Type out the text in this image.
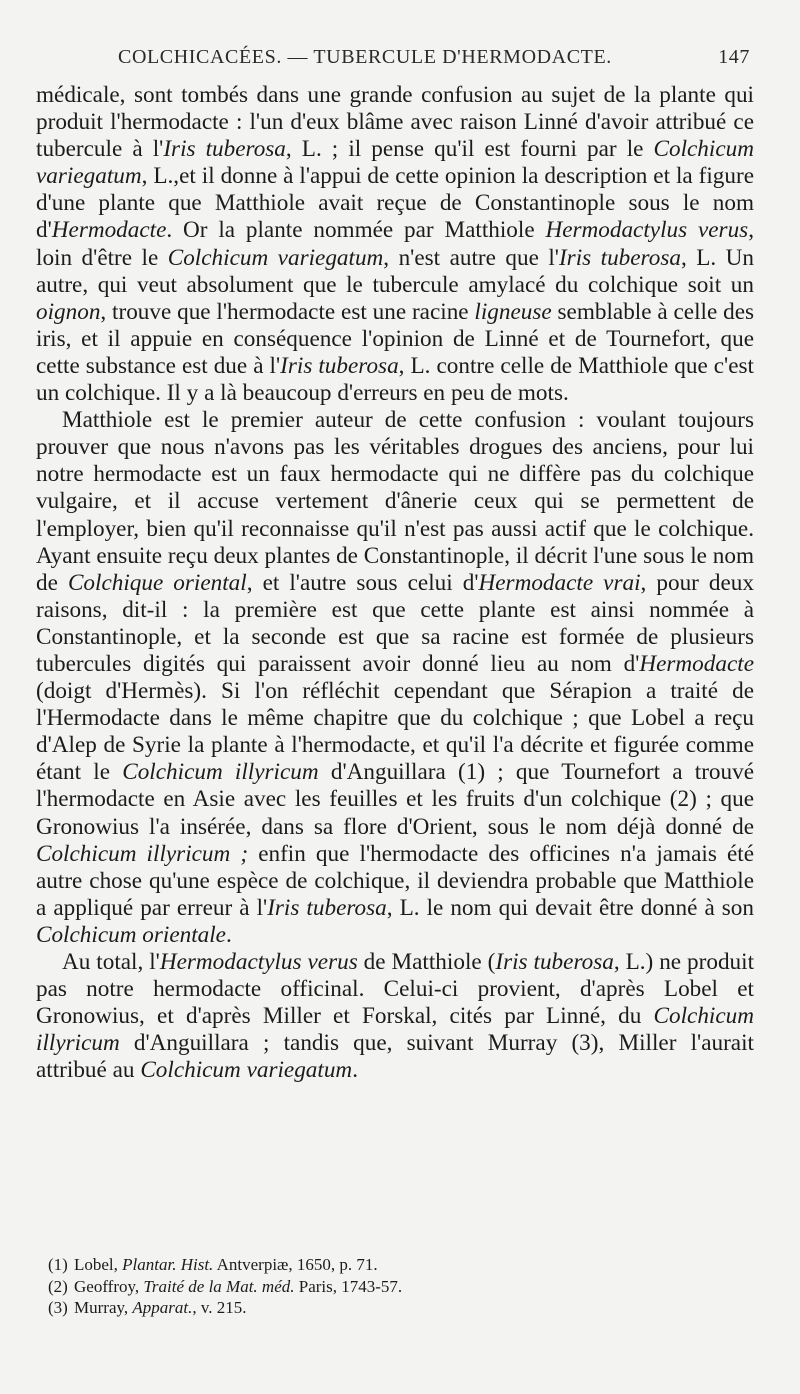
COLCHICACÉES. — TUBERCULE D'HERMODACTE.	147

médicale, sont tombés dans une grande confusion au sujet de la plante qui produit l'hermodacte : l'un d'eux blâme avec raison Linné d'avoir attribué ce tubercule à l'Iris tuberosa, L. ; il pense qu'il est fourni par le Colchicum variegatum, L.,et il donne à l'appui de cette opinion la description et la figure d'une plante que Matthiole avait reçue de Constantinople sous le nom d'Hermodacte. Or la plante nommée par Matthiole Hermodactylus verus, loin d'être le Colchicum variegatum, n'est autre que l'Iris tuberosa, L. Un autre, qui veut absolument que le tubercule amylacé du colchique soit un oignon, trouve que l'hermodacte est une racine ligneuse semblable à celle des iris, et il appuie en conséquence l'opinion de Linné et de Tournefort, que cette substance est due à l'Iris tuberosa, L. contre celle de Matthiole que c'est un colchique. Il y a là beaucoup d'erreurs en peu de mots.

Matthiole est le premier auteur de cette confusion : voulant toujours prouver que nous n'avons pas les véritables drogues des anciens, pour lui notre hermodacte est un faux hermodacte qui ne diffère pas du colchique vulgaire, et il accuse vertement d'ânerie ceux qui se permettent de l'employer, bien qu'il reconnaisse qu'il n'est pas aussi actif que le colchique. Ayant ensuite reçu deux plantes de Constantinople, il décrit l'une sous le nom de Colchique oriental, et l'autre sous celui d'Hermodacte vrai, pour deux raisons, dit-il : la première est que cette plante est ainsi nommée à Constantinople, et la seconde est que sa racine est formée de plusieurs tubercules digités qui paraissent avoir donné lieu au nom d'Hermodacte (doigt d'Hermès). Si l'on réfléchit cependant que Sérapion a traité de l'Hermodacte dans le même chapitre que du colchique ; que Lobel a reçu d'Alep de Syrie la plante à l'hermodacte, et qu'il l'a décrite et figurée comme étant le Colchicum illyricum d'Anguillara (1) ; que Tournefort a trouvé l'hermodacte en Asie avec les feuilles et les fruits d'un colchique (2) ; que Gronowius l'a insérée, dans sa flore d'Orient, sous le nom déjà donné de Colchicum illyricum ; enfin que l'hermodacte des officines n'a jamais été autre chose qu'une espèce de colchique, il deviendra probable que Matthiole a appliqué par erreur à l'Iris tuberosa, L. le nom qui devait être donné à son Colchicum orientale.

Au total, l'Hermodactylus verus de Matthiole (Iris tuberosa, L.) ne produit pas notre hermodacte officinal. Celui-ci provient, d'après Lobel et Gronowius, et d'après Miller et Forskal, cités par Linné, du Colchicum illyricum d'Anguillara ; tandis que, suivant Murray (3), Miller l'aurait attribué au Colchicum variegatum.

(1) Lobel, Plantar. Hist. Antverpiæ, 1650, p. 71.
(2) Geoffroy, Traité de la Mat. méd. Paris, 1743-57.
(3) Murray, Apparat., v. 215.
